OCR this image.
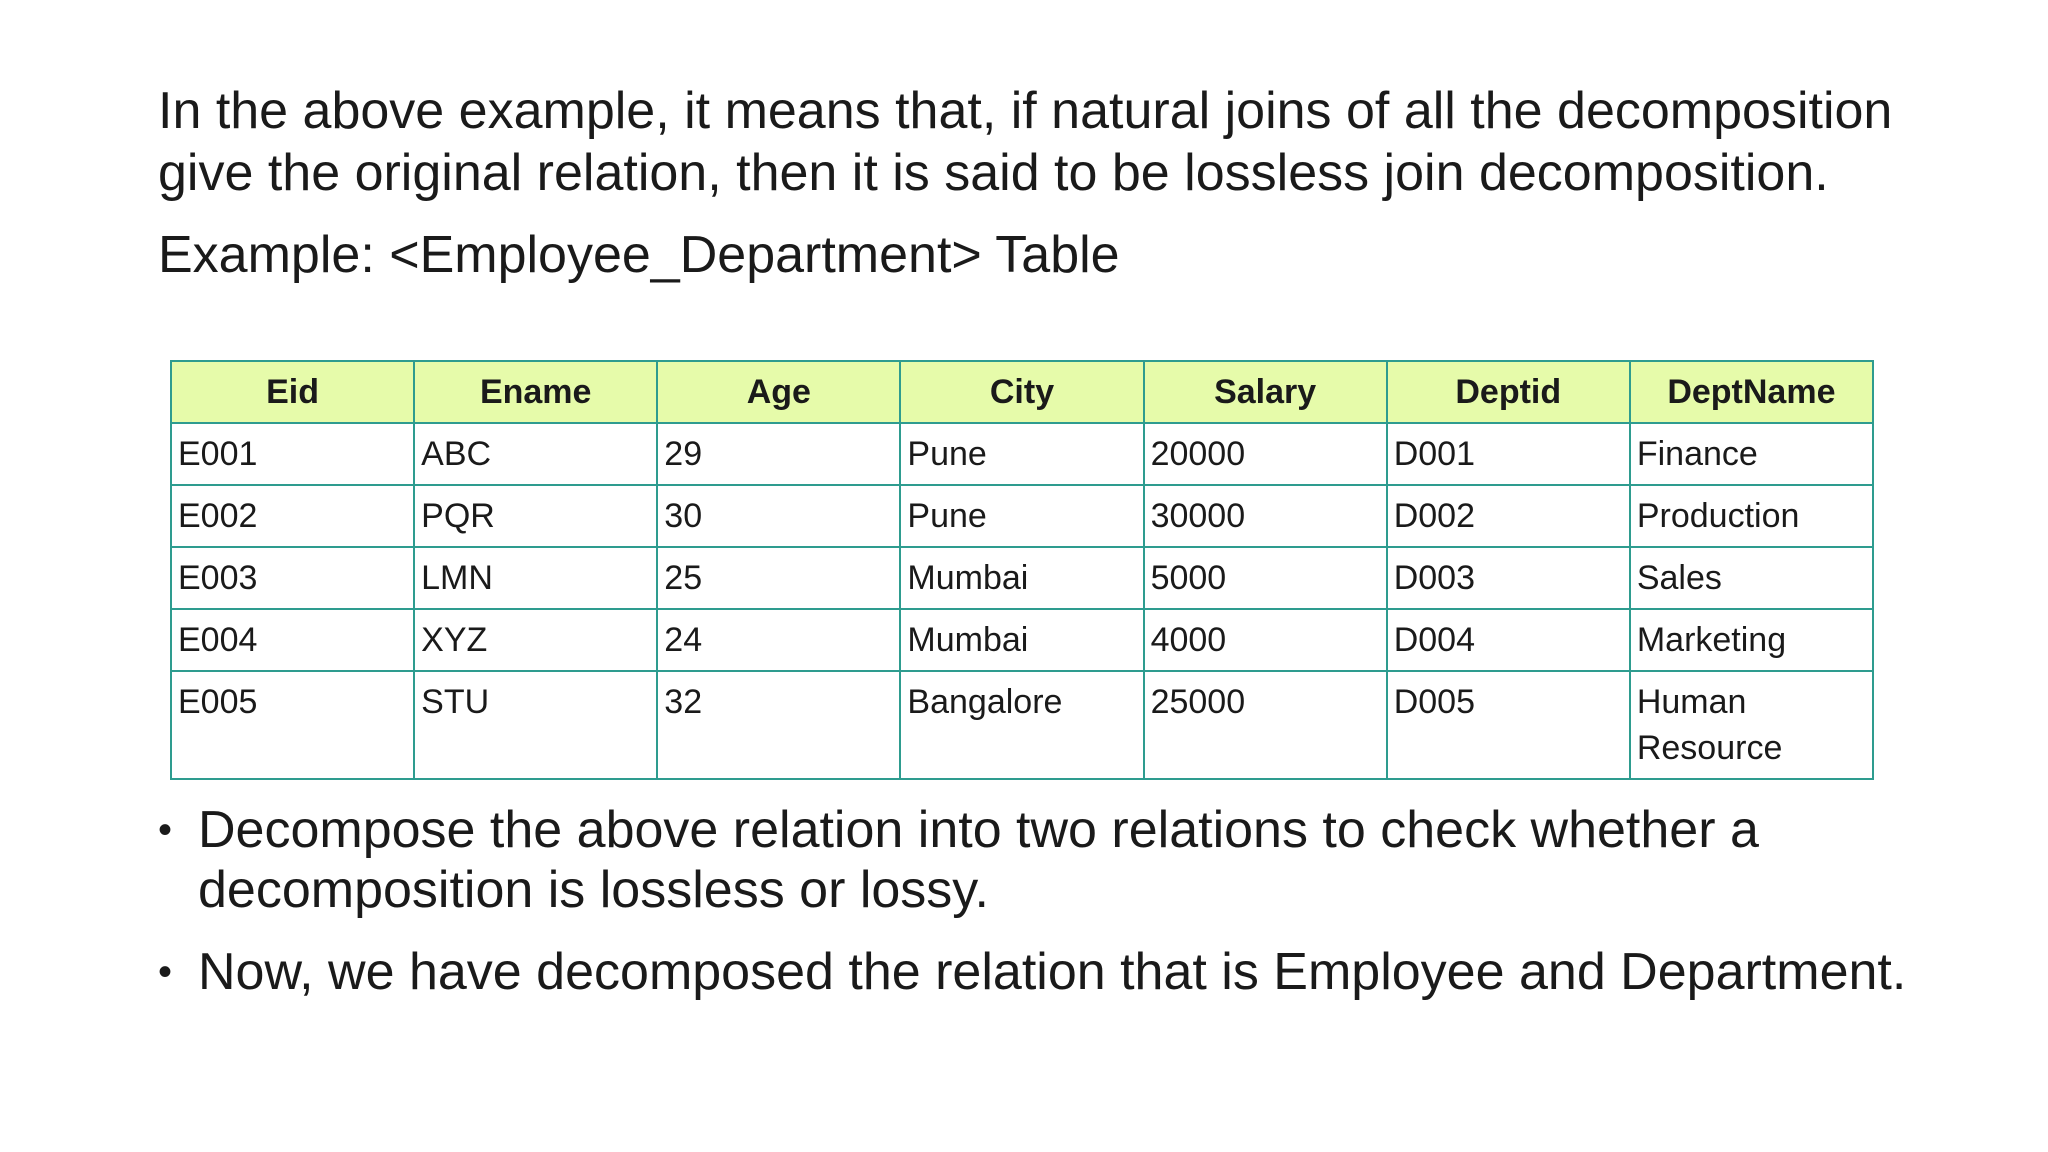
In the above example, it means that, if natural joins of all the decomposition give the original relation, then it is said to be lossless join decomposition.

Example: <Employee_Department> Table

Eid	Ename	Age	City	Salary	Deptid	DeptName
E001	ABC	29	Pune	20000	D001	Finance
E002	PQR	30	Pune	30000	D002	Production
E003	LMN	25	Mumbai	5000	D003	Sales
E004	XYZ	24	Mumbai	4000	D004	Marketing
E005	STU	32	Bangalore	25000	D005	Human Resource
• Decompose the above relation into two relations to check whether a decomposition is lossless or lossy.
• Now, we have decomposed the relation that is Employee and Department.
